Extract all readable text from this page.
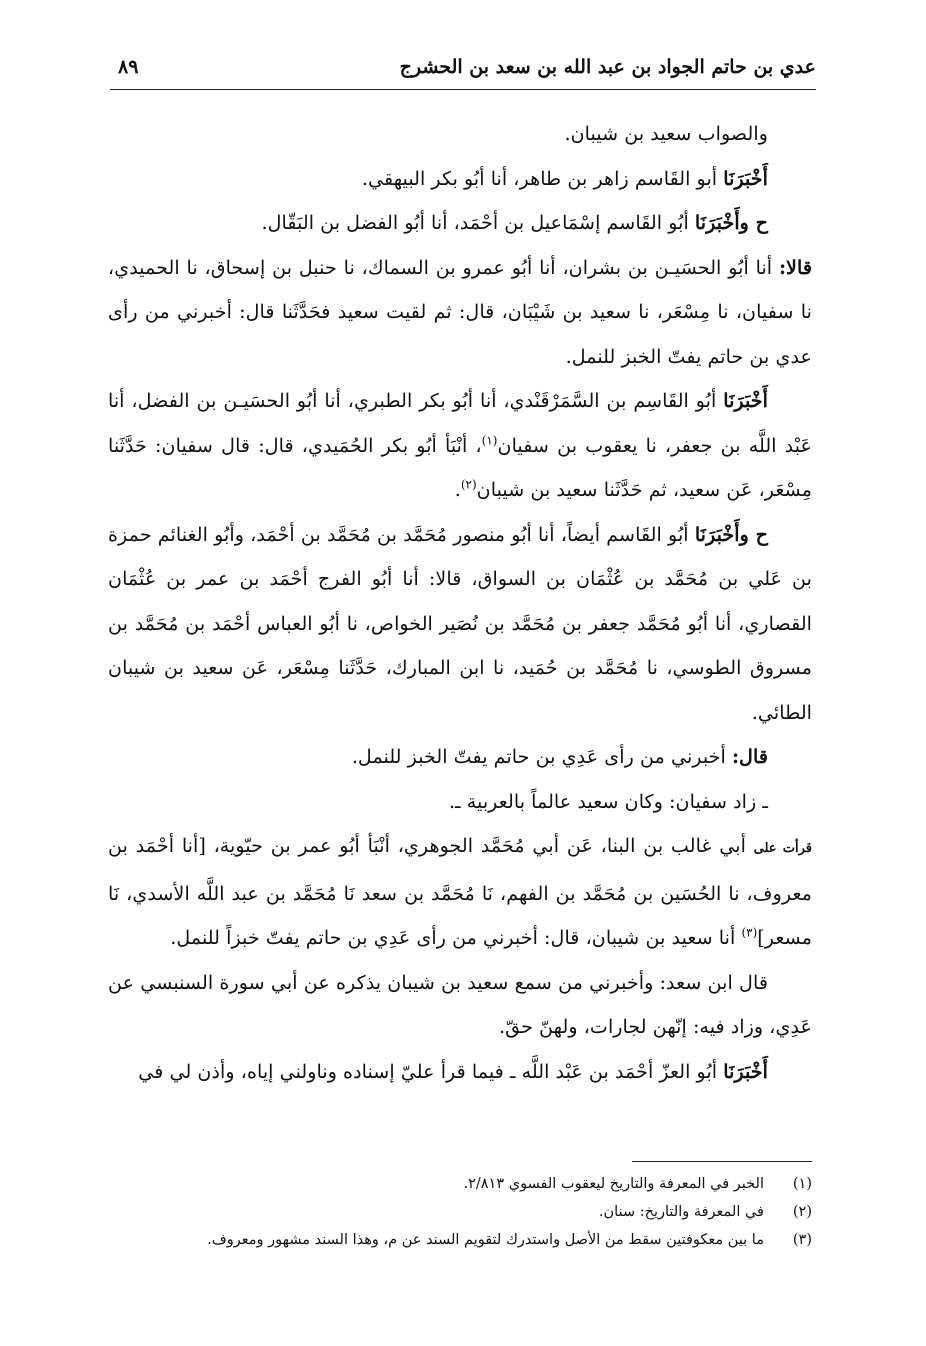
عدي بن حاتم الجواد بن عبد الله بن سعد بن الحشرج
٨٩

والصواب سعيد بن شيبان.

أَخْبَرَنَا أبو القَاسم زاهر بن طاهر، أنا أبُو بكر البيهقي.

ح وأَخْبَرَنَا أبُو القَاسم إسْمَاعيل بن أحْمَد، أنا أبُو الفضل بن البَقّال.

قالا: أنا أبُو الحسَيـن بن بشران، أنا أبُو عمرو بن السماك، نا حنبل بن إسحاق، نا الحميدي، نا سفيان، نا مِسْعَر، نا سعيد بن شَيْبَان، قال: ثم لقيت سعيد فحَدَّثَنا قال: أخبرني من رأى عدي بن حاتم يفتّ الخبز للنمل.

أَخْبَرَنَا أبُو القَاسِم بن السَّمَرْقَنْدي، أنا أبُو بكر الطبري، أنا أبُو الحسَيـن بن الفضل، أنا عَبْد اللَّه بن جعفر، نا يعقوب بن سفيان$^{(١)}$، أنْبَأ أبُو بكر الحُمَيدي، قال: قال سفيان: حَدَّثَنا مِسْعَر، عَن سعيد، ثم حَدَّثَنا سعيد بن شيبان$^{(٢)}$.

ح وأَخْبَرَنَا أبُو القَاسم أيضاً، أنا أبُو منصور مُحَمَّد بن مُحَمَّد بن أحْمَد، وأبُو الغنائم حمزة بن عَلي بن مُحَمَّد بن عُثْمَان بن السواق، قالا: أنا أبُو الفرج أحْمَد بن عمر بن عُثْمَان القصاري، أنا أبُو مُحَمَّد جعفر بن مُحَمَّد بن نُصَير الخواص، نا أبُو العباس أحْمَد بن مُحَمَّد بن مسروق الطوسي، نا مُحَمَّد بن حُمَيد، نا ابن المبارك، حَدَّثَنا مِسْعَر، عَن سعيد بن شيبان الطائي.

قال: أخبرني من رأى عَدِي بن حاتم يفتّ الخبز للنمل.

ـ زاد سفيان: وكان سعيد عالماً بالعربية ـ.

قرأت على أبي غالب بن البنا، عَن أبي مُحَمَّد الجوهري، أنْبَأ أبُو عمر بن حيّوية، [أنا أحْمَد بن معروف، نا الحُسَين بن مُحَمَّد بن الفهم، نَا مُحَمَّد بن سعد نَا مُحَمَّد بن عبد اللَّه الأسدي، نَا مسعر]$^{(٣)}$ أنا سعيد بن شيبان، قال: أخبرني من رأى عَدِي بن حاتم يفتّ خبزاً للنمل.

قال ابن سعد: وأخبرني من سمع سعيد بن شيبان يذكره عن أبي سورة السنبسي عن عَدِي، وزاد فيه: إنّهن لجارات، ولهنّ حقّ.

أَخْبَرَنَا أبُو العزّ أحْمَد بن عَبْد اللَّه ـ فيما قرأ عليّ إسناده وناولني إياه، وأذن لي في

(١)
الخبر في المعرفة والتاريخ ليعقوب الفسوي ٢/٨١٣.
(٢)
في المعرفة والتاريخ: سنان.
(٣)
ما بين معكوفتين سقط من الأصل واستدرك لتقويم السند عن م، وهذا السند مشهور ومعروف.
